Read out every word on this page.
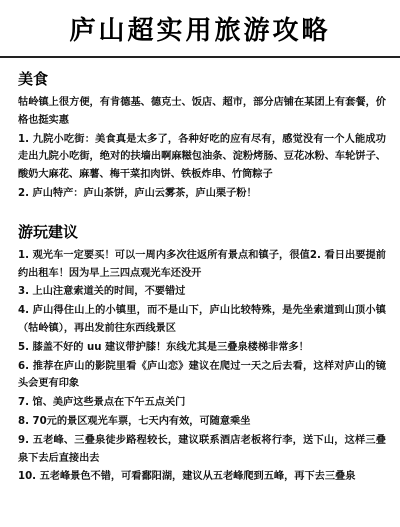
庐山超实用旅游攻略
美食

牯岭镇上很方便，有肯德基、德克士、饭店、超市，部分店铺在某团上有套餐，价格也挺实惠

1. 九院小吃街：美食真是太多了，各种好吃的应有尽有，感觉没有一个人能成功走出九院小吃街，绝对的扶墙出啊麻糍包油条、淀粉烤肠、豆花冰粉、车轮饼子、酸奶大麻花、麻薯、梅干菜扣肉饼、铁板炸串、竹筒粽子

2. 庐山特产：庐山茶饼，庐山云雾茶，庐山栗子粉！

游玩建议

1. 观光车一定要买！可以一周内多次往返所有景点和镇子，很值2. 看日出要提前约出租车！因为早上三四点观光车还没开

3. 上山注意索道关的时间，不要错过

4. 庐山得住山上的小镇里，而不是山下，庐山比较特殊，是先坐索道到山顶小镇（牯岭镇），再出发前往东西线景区

5. 膝盖不好的 uu 建议带护膝！东线尤其是三叠泉楼梯非常多！

6. 推荐在庐山的影院里看《庐山恋》建议在爬过一天之后去看，这样对庐山的镜头会更有印象

7. 馆、美庐这些景点在下午五点关门

8. 70元的景区观光车票，七天内有效，可随意乘坐

9. 五老峰、三叠泉徒步路程较长，建议联系酒店老板将行李，送下山，这样三叠泉下去后直接出去

10. 五老峰景色不错，可看鄱阳湖，建议从五老峰爬到五峰，再下去三叠泉
